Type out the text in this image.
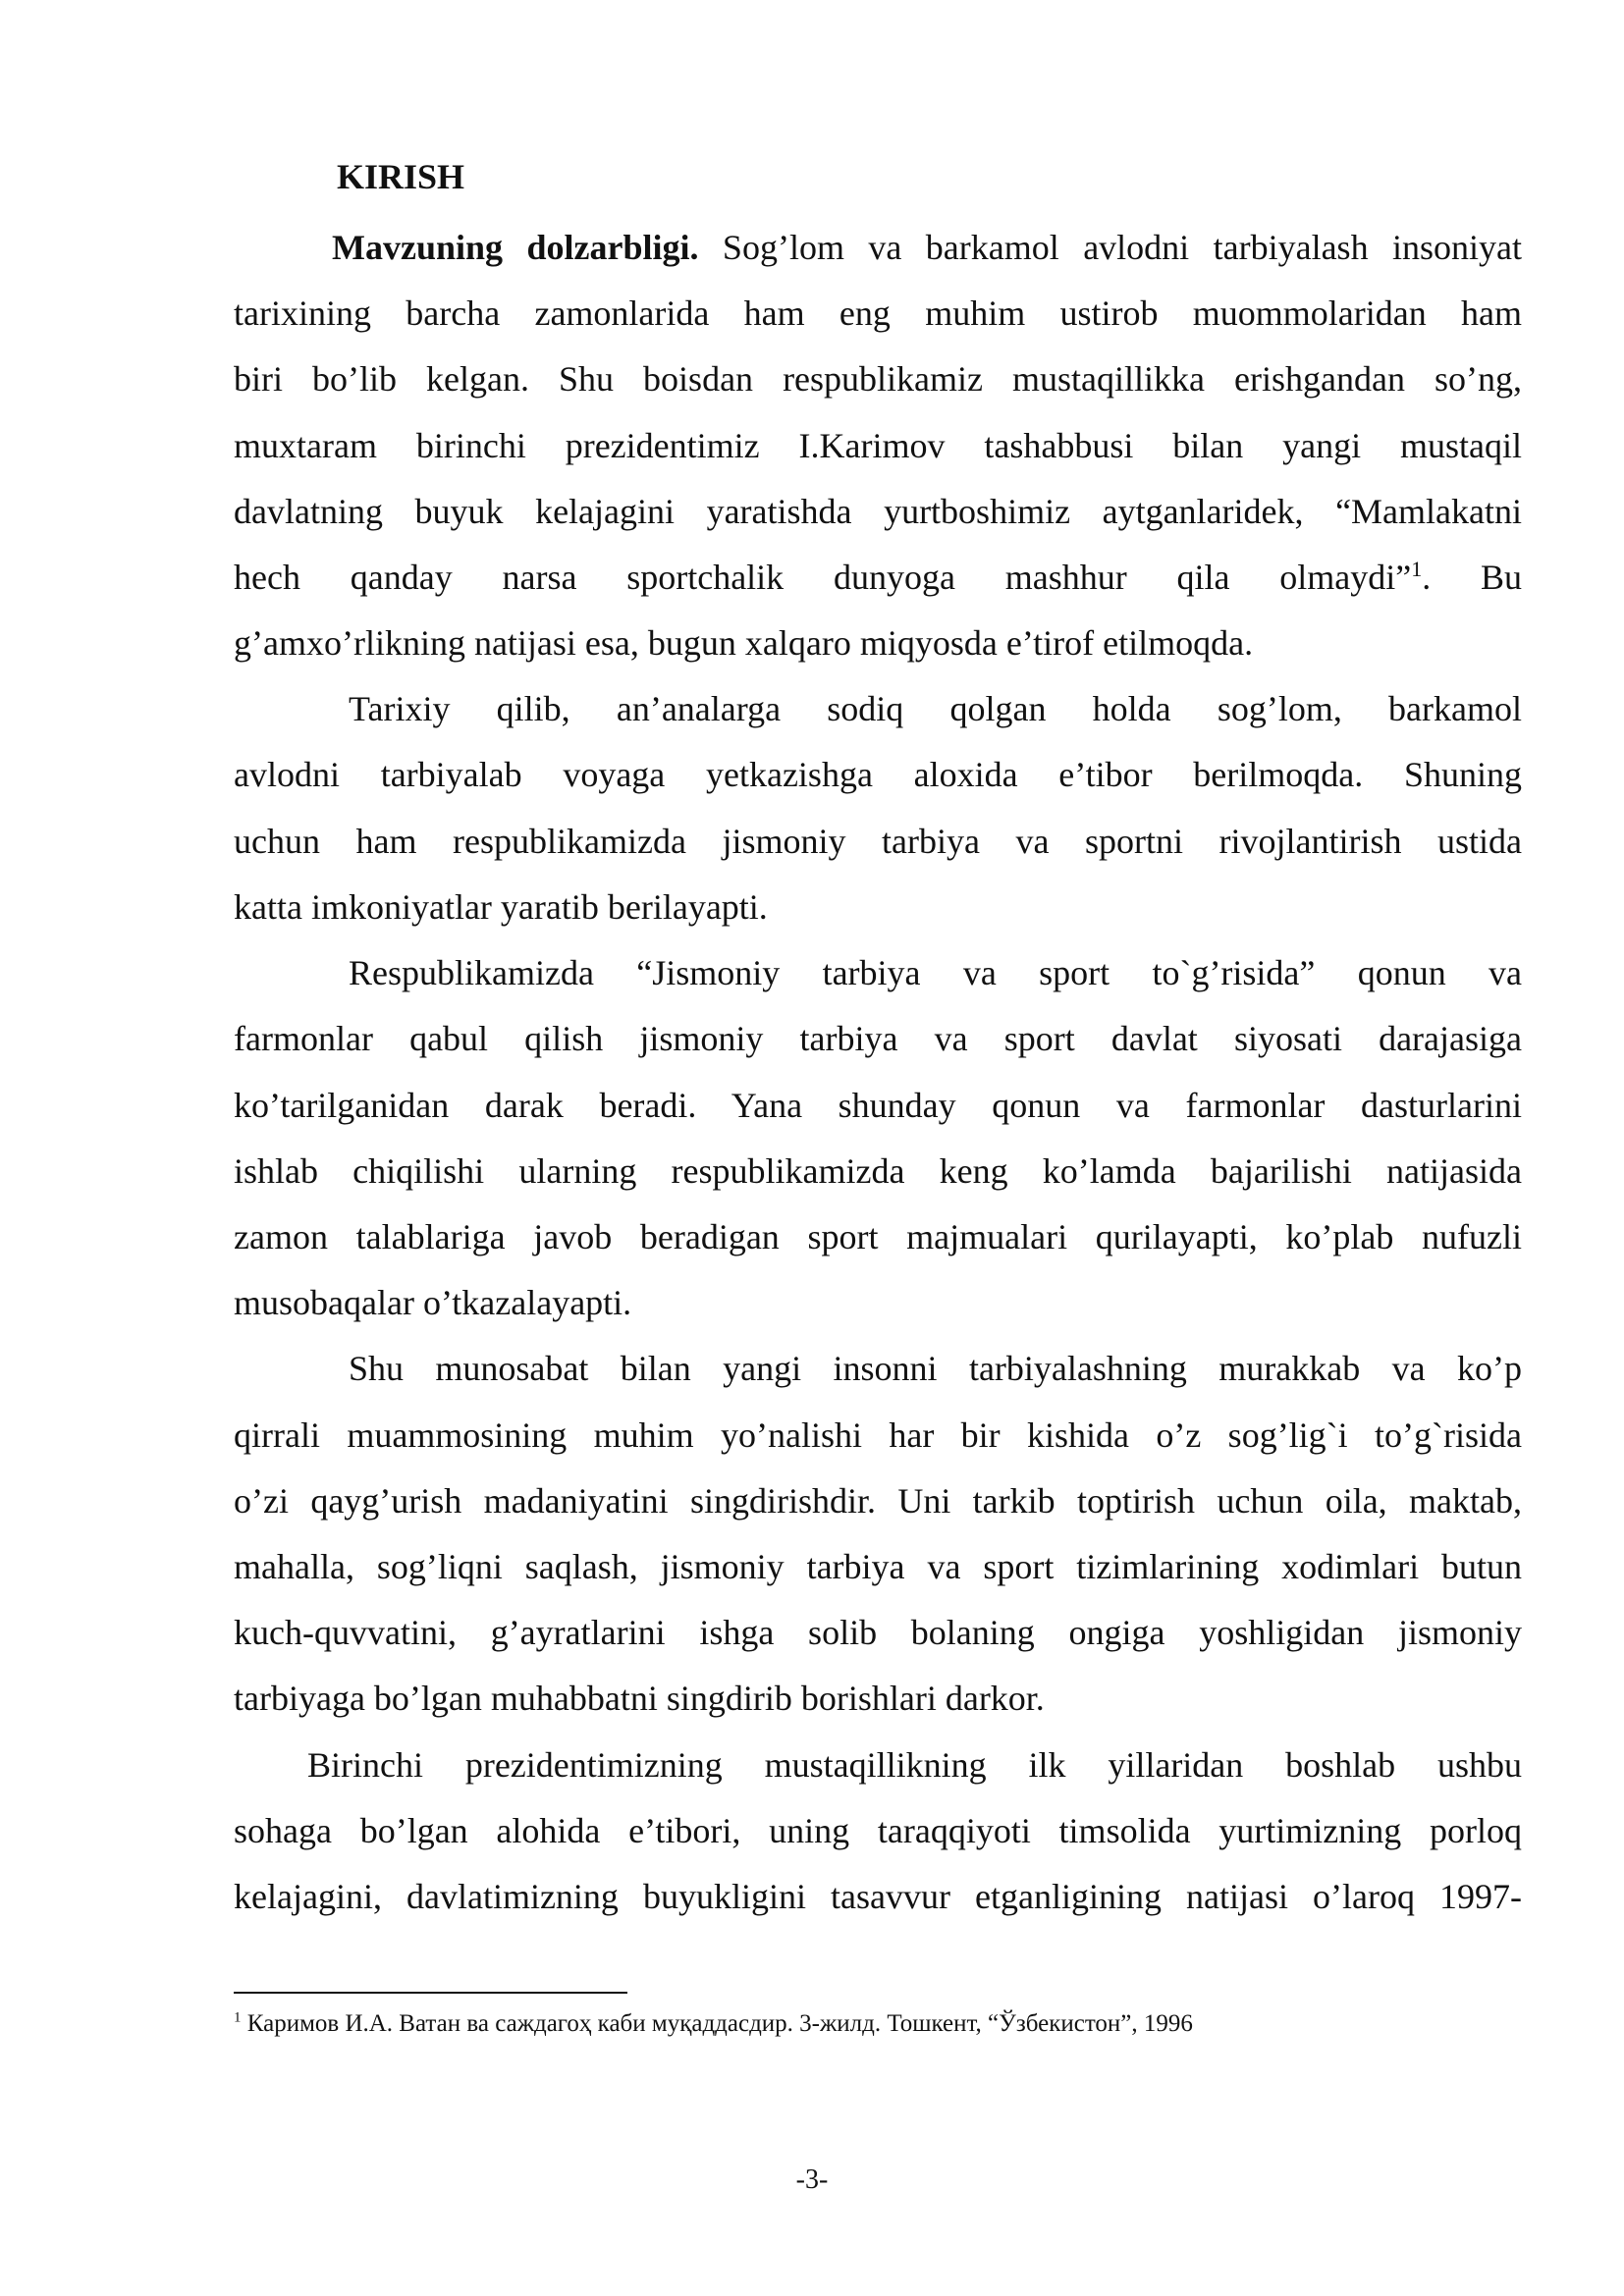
KIRISH
Mavzuning dolzarbligi. Sog’lom va barkamol avlodni tarbiyalash insoniyat
tarixining barcha zamonlarida ham eng muhim ustirob muommolaridan ham
biri bo’lib kelgan. Shu boisdan respublikamiz mustaqillikka erishgandan so’ng,
muxtaram birinchi prezidentimiz I.Karimov tashabbusi bilan yangi mustaqil
davlatning buyuk kelajagini yaratishda yurtboshimiz aytganlaridek, “Mamlakatni
hech qanday narsa sportchalik dunyoga mashhur qila olmaydi”$^1$. Bu
g’amxo’rlikning natijasi esa, bugun xalqaro miqyosda e’tirof etilmoqda.
Tarixiy qilib, an’analarga sodiq qolgan holda sog’lom, barkamol
avlodni tarbiyalab voyaga yetkazishga aloxida e’tibor berilmoqda. Shuning
uchun ham respublikamizda jismoniy tarbiya va sportni rivojlantirish ustida
katta imkoniyatlar yaratib berilayapti.
Respublikamizda “Jismoniy tarbiya va sport to`g’risida” qonun va
farmonlar qabul qilish jismoniy tarbiya va sport davlat siyosati darajasiga
ko’tarilganidan darak beradi. Yana shunday qonun va farmonlar dasturlarini
ishlab chiqilishi ularning respublikamizda keng ko’lamda bajarilishi natijasida
zamon talablariga javob beradigan sport majmualari qurilayapti, ko’plab nufuzli
musobaqalar o’tkazalayapti.
Shu munosabat bilan yangi insonni tarbiyalashning murakkab va ko’p
qirrali muammosining muhim yo’nalishi har bir kishida o’z sog’lig`i to’g`risida
o’zi qayg’urish madaniyatini singdirishdir. Uni tarkib toptirish uchun oila, maktab,
mahalla, sog’liqni saqlash, jismoniy tarbiya va sport tizimlarining xodimlari butun
kuch-quvvatini, g’ayratlarini ishga solib bolaning ongiga yoshligidan jismoniy
tarbiyaga bo’lgan muhabbatni singdirib borishlari darkor.
Birinchi prezidentimizning mustaqillikning ilk yillaridan boshlab ushbu
sohaga bo’lgan alohida e’tibori, uning taraqqiyoti timsolida yurtimizning porloq
kelajagini, davlatimizning buyukligini tasavvur etganligining natijasi o’laroq 1997-
$^1$ Каримов И.А. Ватан ва саждагоҳ каби муқаддасдир. 3-жилд. Тошкент, “Ўзбекистон”, 1996
-3-
